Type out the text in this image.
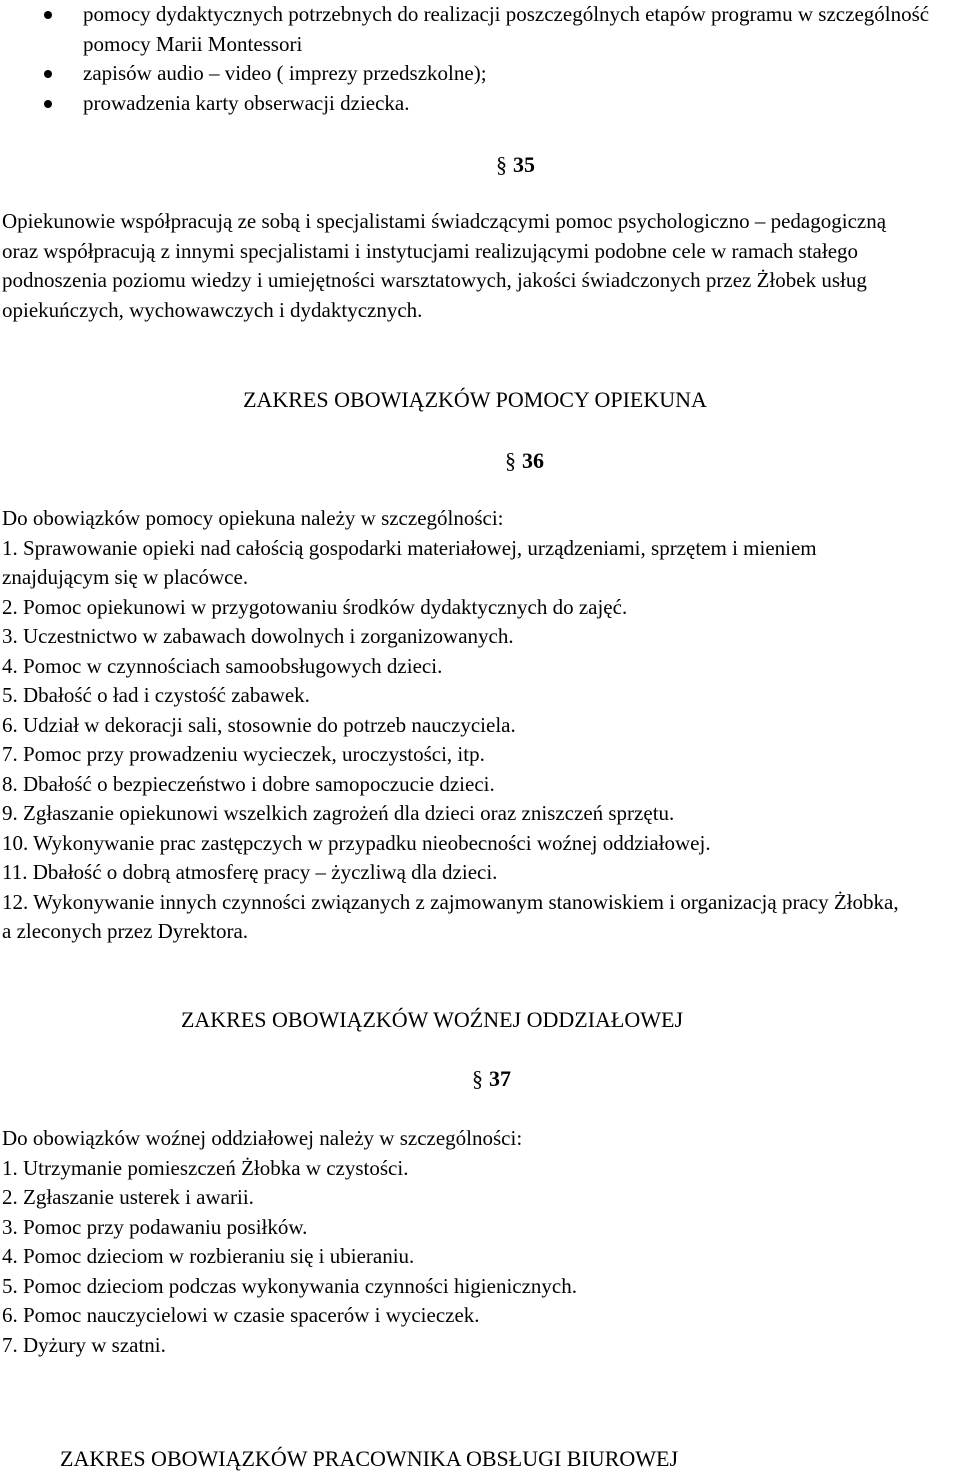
pomocy dydaktycznych potrzebnych do realizacji poszczególnych etapów programu w szczególność pomocy Marii Montessori
zapisów audio – video ( imprezy przedszkolne);
prowadzenia karty obserwacji dziecka.
§ 35

Opiekunowie współpracują ze sobą i specjalistami świadczącymi pomoc psychologiczno – pedagogiczną oraz współpracują z innymi specjalistami i instytucjami realizującymi podobne cele w ramach stałego podnoszenia poziomu wiedzy i umiejętności warsztatowych, jakości świadczonych przez Żłobek usług opiekuńczych, wychowawczych i dydaktycznych.

ZAKRES OBOWIĄZKÓW POMOCY OPIEKUNA
§ 36
Do obowiązków pomocy opiekuna należy w szczególności:
1. Sprawowanie opieki nad całością gospodarki materiałowej, urządzeniami, sprzętem i mieniem znajdującym się w placówce.
2. Pomoc opiekunowi w przygotowaniu środków dydaktycznych do zajęć.
3. Uczestnictwo w zabawach dowolnych i zorganizowanych.
4. Pomoc w czynnościach samoobsługowych dzieci.
5. Dbałość o ład i czystość zabawek.
6. Udział w dekoracji sali, stosownie do potrzeb nauczyciela.
7. Pomoc przy prowadzeniu wycieczek, uroczystości, itp.
8. Dbałość o bezpieczeństwo i dobre samopoczucie dzieci.
9. Zgłaszanie opiekunowi wszelkich zagrożeń dla dzieci oraz zniszczeń sprzętu.
10. Wykonywanie prac zastępczych w przypadku nieobecności woźnej oddziałowej.
11. Dbałość o dobrą atmosferę pracy – życzliwą dla dzieci.
12. Wykonywanie innych czynności związanych z zajmowanym stanowiskiem i organizacją pracy Żłobka, a zleconych przez Dyrektora.
ZAKRES OBOWIĄZKÓW WOŹNEJ ODDZIAŁOWEJ
§ 37
Do obowiązków woźnej oddziałowej należy w szczególności:
1. Utrzymanie pomieszczeń Żłobka w czystości.
2. Zgłaszanie usterek i awarii.
3. Pomoc przy podawaniu posiłków.
4. Pomoc dzieciom w rozbieraniu się i ubieraniu.
5. Pomoc dzieciom podczas wykonywania czynności higienicznych.
6. Pomoc nauczycielowi w czasie spacerów i wycieczek.
7. Dyżury w szatni.
ZAKRES OBOWIĄZKÓW PRACOWNIKA OBSŁUGI BIUROWEJ
